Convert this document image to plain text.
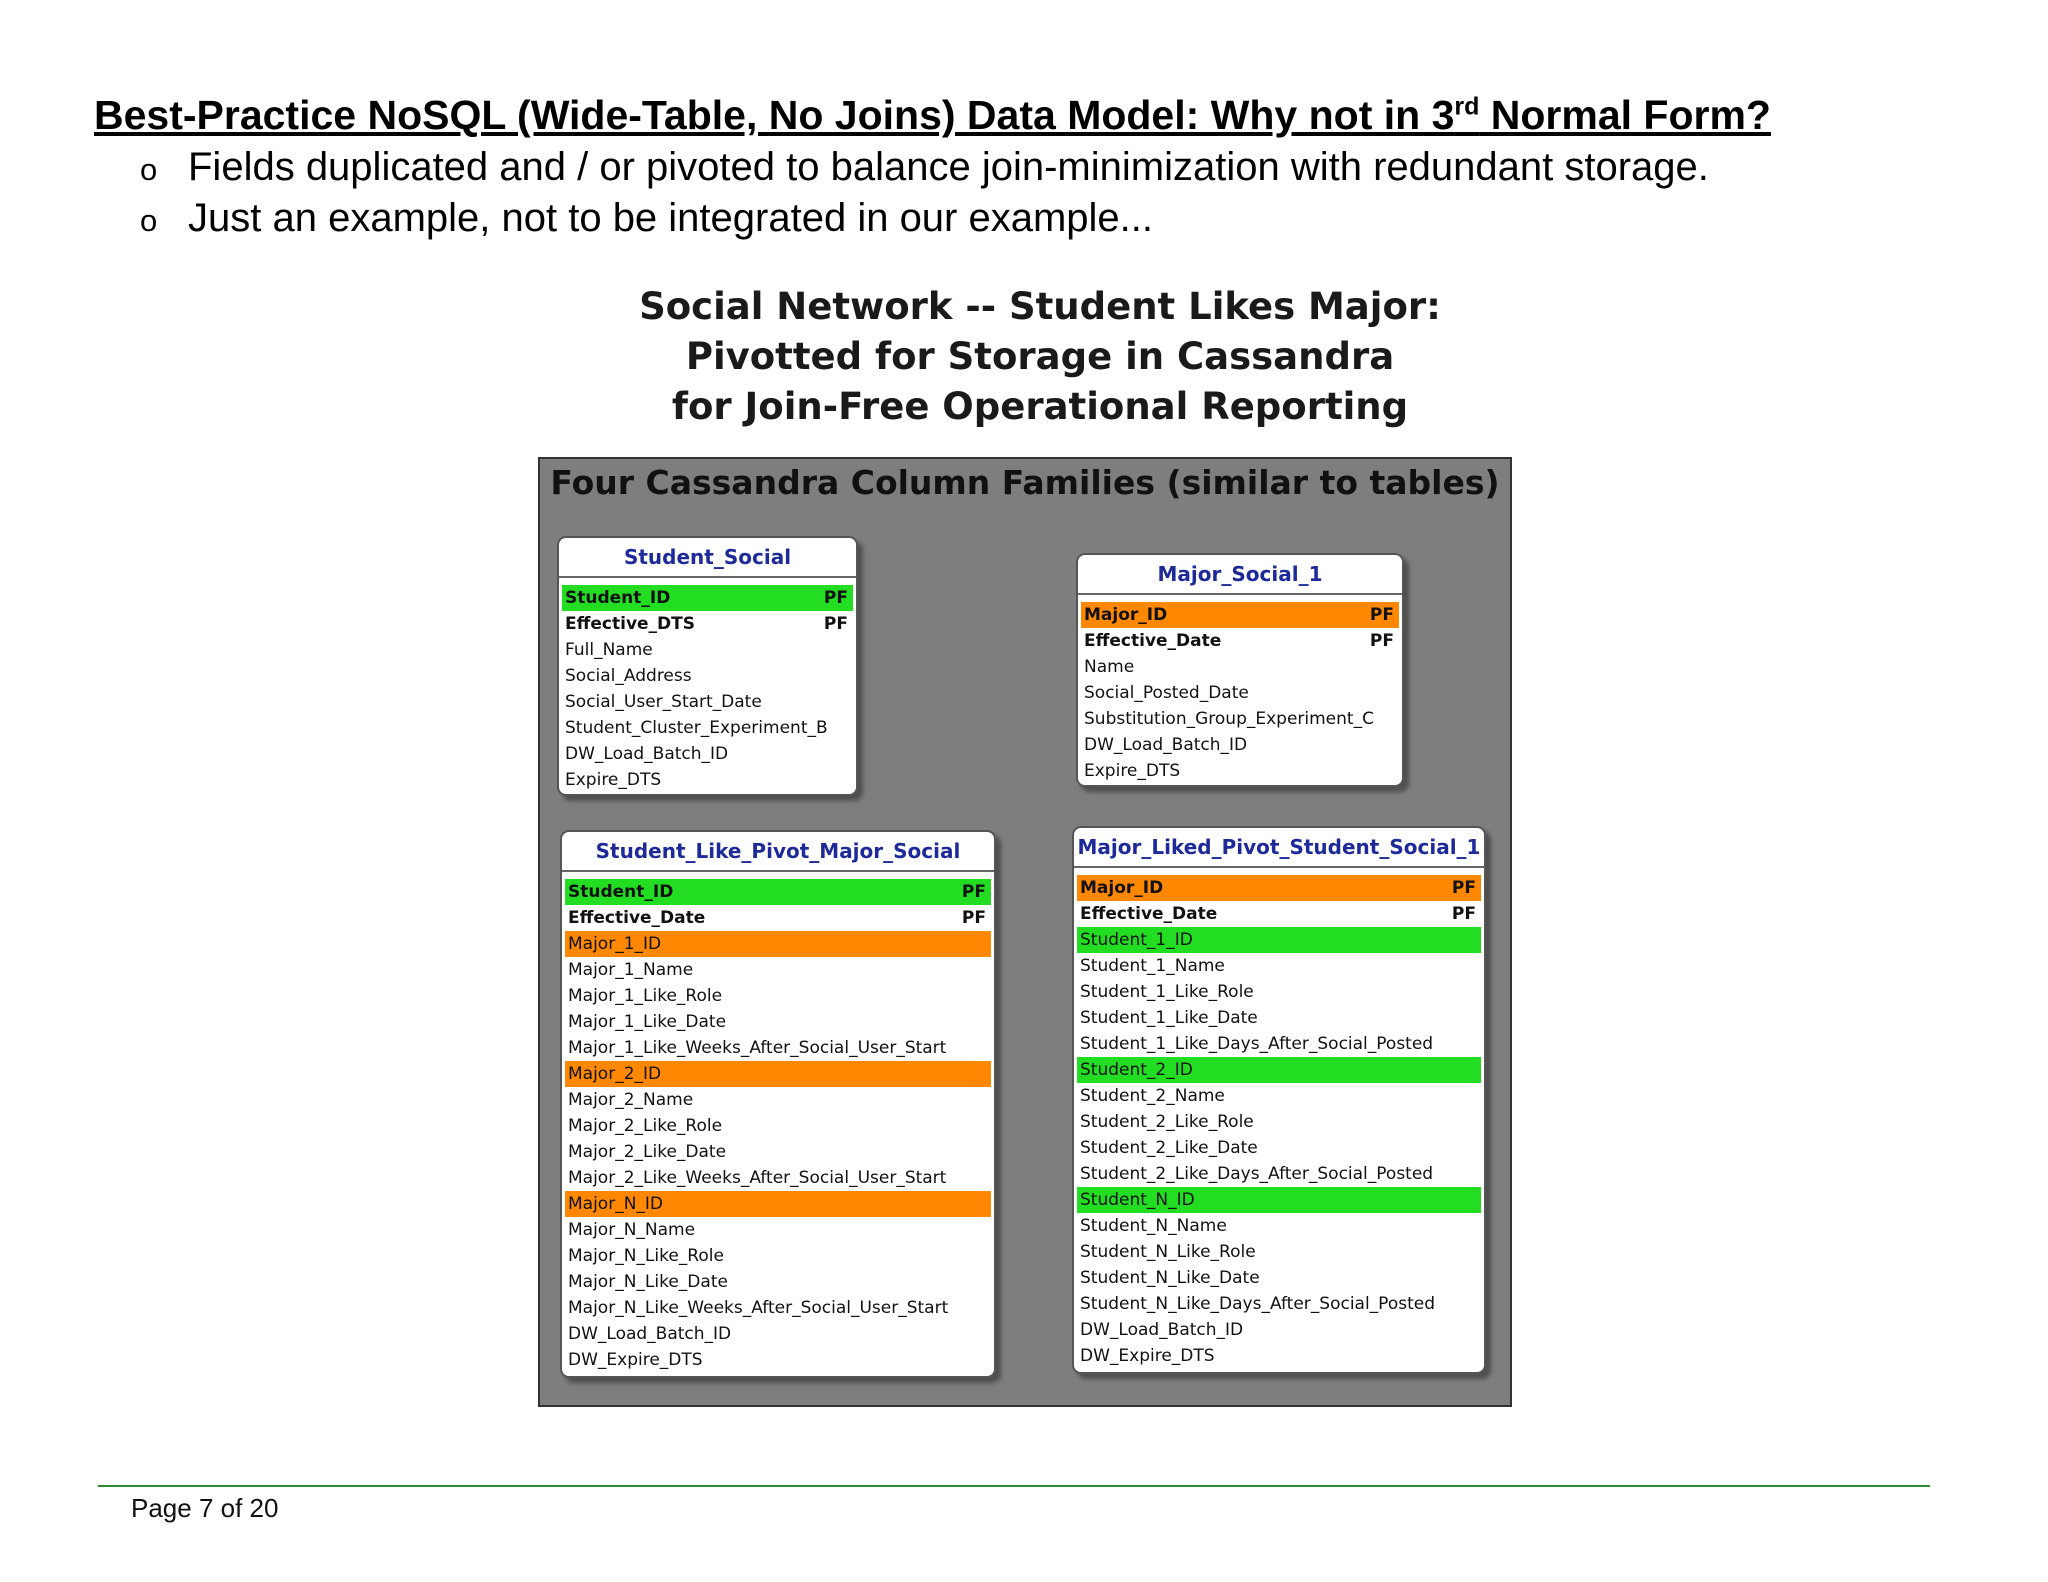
Best-Practice NoSQL (Wide-Table, No Joins) Data Model: Why not in 3rd Normal Form?
o Fields duplicated and / or pivoted to balance join-minimization with redundant storage.
o Just an example, not to be integrated in our example...
Social Network -- Student Likes Major:
Pivotted for Storage in Cassandra
for Join-Free Operational Reporting
Four Cassandra Column Families (similar to tables)
Student_Social
Student_ID	PF
Effective_DTS	PF
Full_Name
Social_Address
Social_User_Start_Date
Student_Cluster_Experiment_B
DW_Load_Batch_ID
Expire_DTS
Major_Social_1
Major_ID	PF
Effective_Date	PF
Name
Social_Posted_Date
Substitution_Group_Experiment_C
DW_Load_Batch_ID
Expire_DTS
Student_Like_Pivot_Major_Social
Student_ID	PF
Effective_Date	PF
Major_1_ID
Major_1_Name
Major_1_Like_Role
Major_1_Like_Date
Major_1_Like_Weeks_After_Social_User_Start
Major_2_ID
Major_2_Name
Major_2_Like_Role
Major_2_Like_Date
Major_2_Like_Weeks_After_Social_User_Start
Major_N_ID
Major_N_Name
Major_N_Like_Role
Major_N_Like_Date
Major_N_Like_Weeks_After_Social_User_Start
DW_Load_Batch_ID
DW_Expire_DTS
Major_Liked_Pivot_Student_Social_1
Major_ID	PF
Effective_Date	PF
Student_1_ID
Student_1_Name
Student_1_Like_Role
Student_1_Like_Date
Student_1_Like_Days_After_Social_Posted
Student_2_ID
Student_2_Name
Student_2_Like_Role
Student_2_Like_Date
Student_2_Like_Days_After_Social_Posted
Student_N_ID
Student_N_Name
Student_N_Like_Role
Student_N_Like_Date
Student_N_Like_Days_After_Social_Posted
DW_Load_Batch_ID
DW_Expire_DTS
Page 7 of 20
